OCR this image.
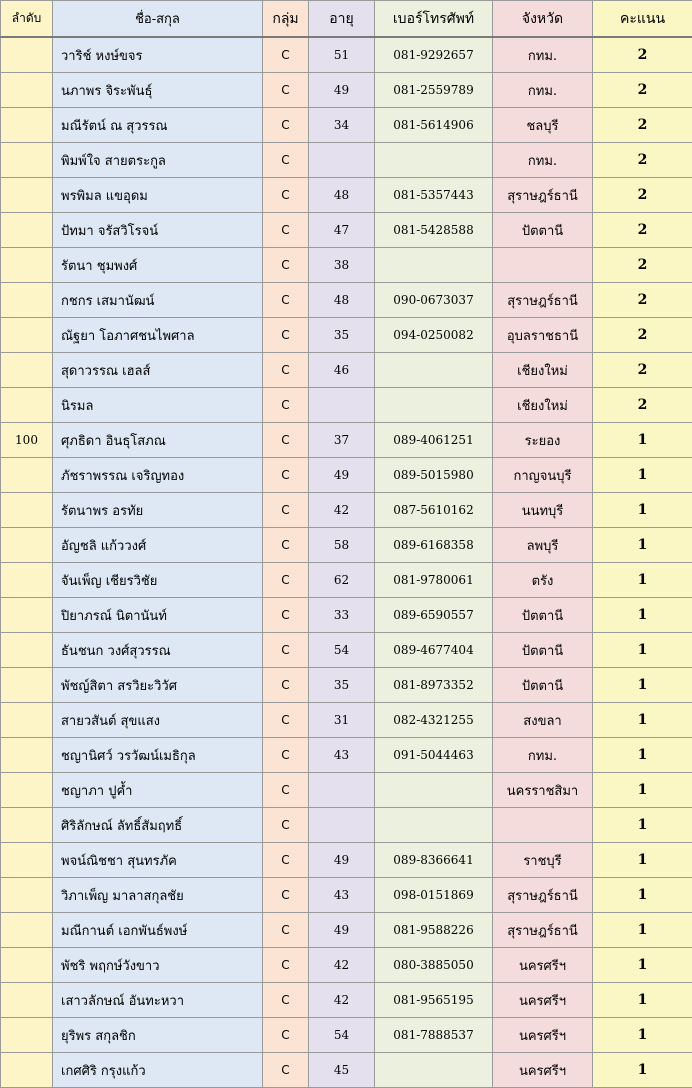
ลำดับ	ชื่อ-สกุล	กลุ่ม	อายุ	เบอร์โทรศัพท์	จังหวัด	คะแนน
	วาริช์ หงษ์ขจร	C	51	081-9292657	กทม.	2
	นภาพร จิระพันธุ์	C	49	081-2559789	กทม.	2
	มณีรัตน์ ณ สุวรรณ	C	34	081-5614906	ชลบุรี	2
	พิมพ์ใจ สายตระกูล	C			กทม.	2
	พรพิมล แขอุดม	C	48	081-5357443	สุราษฎร์ธานี	2
	ปัทมา จรัสวิโรจน์	C	47	081-5428588	ปัตตานี	2
	รัตนา ชุมพงศ์	C	38			2
	กชกร เสมานัฒน์	C	48	090-0673037	สุราษฎร์ธานี	2
	ณัฐยา โอภาศชนไพศาล	C	35	094-0250082	อุบลราชธานี	2
	สุดาวรรณ เฮลส์	C	46		เชียงใหม่	2
	นิรมล	C			เชียงใหม่	2
100	ศุภธิดา อินธุโสภณ	C	37	089-4061251	ระยอง	1
	ภัชราพรรณ เจริญทอง	C	49	089-5015980	กาญจนบุรี	1
	รัตนาพร อรทัย	C	42	087-5610162	นนทบุรี	1
	อัญชลิ แก้ววงศ์	C	58	089-6168358	ลพบุรี	1
	จันเพ็ญ เชียรวิชัย	C	62	081-9780061	ตรัง	1
	ปิยาภรณ์ นิตานันท์	C	33	089-6590557	ปัตตานี	1
	ธันชนก วงศ์สุวรรณ	C	54	089-4677404	ปัตตานี	1
	พัชญ์สิตา สรวิยะวิวัศ	C	35	081-8973352	ปัตตานี	1
	สายวสันต์ สุขแสง	C	31	082-4321255	สงขลา	1
	ชญานิศว์ วรวัฒน์เมธิกุล	C	43	091-5044463	กทม.	1
	ชญาภา ปูค้ำ	C			นครราชสิมา	1
	ศิริลักษณ์ ลัทธิ์สัมฤทธิ์	C				1
	พจน์ณิชชา สุนทรภัค	C	49	089-8366641	ราชบุรี	1
	วิภาเพ็ญ มาลาสกุลชัย	C	43	098-0151869	สุราษฎร์ธานี	1
	มณีกานต์ เอกพันธ์พงษ์	C	49	081-9588226	สุราษฎร์ธานี	1
	พัชริ พฤกษ์วังขาว	C	42	080-3885050	นครศรีฯ	1
	เสาวลักษณ์ อันทะหวา	C	42	081-9565195	นครศรีฯ	1
	ยุริพร สกุลชิก	C	54	081-7888537	นครศรีฯ	1
	เกศศิริ กรุงแก้ว	C	45		นครศรีฯ	1
